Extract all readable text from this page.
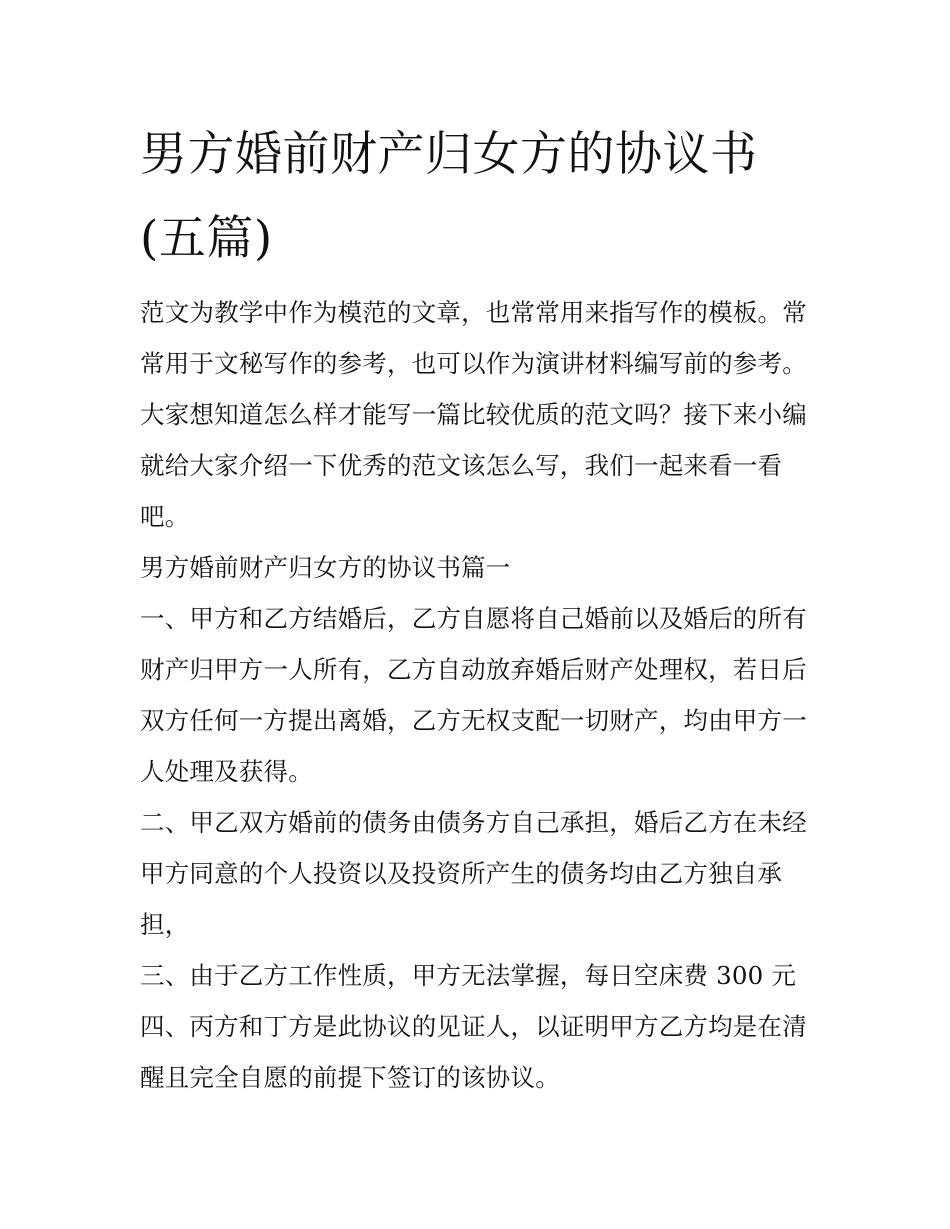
男方婚前财产归女方的协议书
(五篇)
范文为教学中作为模范的文章，也常常用来指写作的模板。常
常用于文秘写作的参考，也可以作为演讲材料编写前的参考。
大家想知道怎么样才能写一篇比较优质的范文吗？接下来小编
就给大家介绍一下优秀的范文该怎么写，我们一起来看一看
吧。
男方婚前财产归女方的协议书篇一
一、甲方和乙方结婚后，乙方自愿将自己婚前以及婚后的所有
财产归甲方一人所有，乙方自动放弃婚后财产处理权，若日后
双方任何一方提出离婚，乙方无权支配一切财产，均由甲方一
人处理及获得。
二、甲乙双方婚前的债务由债务方自己承担，婚后乙方在未经
甲方同意的个人投资以及投资所产生的债务均由乙方独自承
担，
三、由于乙方工作性质，甲方无法掌握，每日空床费 300 元
四、丙方和丁方是此协议的见证人，以证明甲方乙方均是在清
醒且完全自愿的前提下签订的该协议。
